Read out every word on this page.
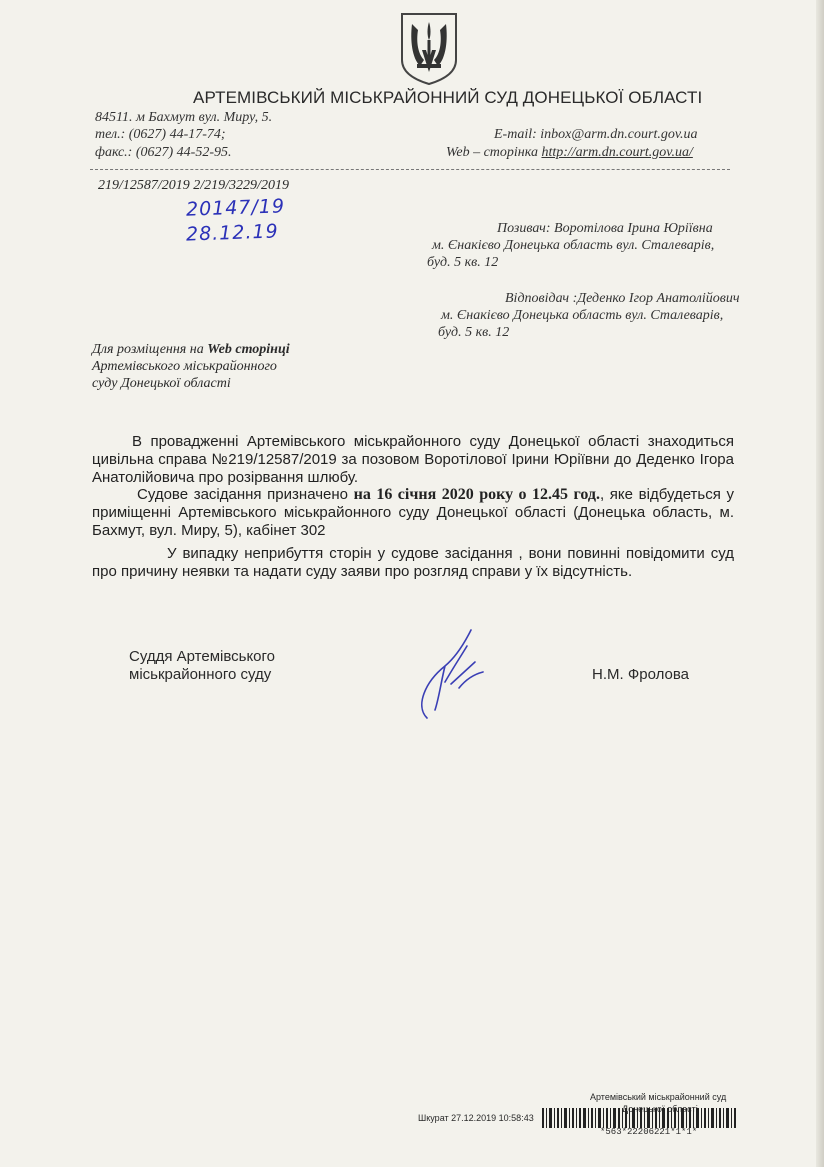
АРТЕМІВСЬКИЙ МІСЬКРАЙОННИЙ СУД ДОНЕЦЬКОЇ ОБЛАСТІ
84511. м Бахмут вул. Миру, 5.
тел.: (0627) 44-17-74;
факс.: (0627) 44-52-95.
E-mail: inbox@arm.dn.court.gov.ua
Web – сторінка http://arm.dn.court.gov.ua/
219/12587/2019 2/219/3229/2019
20147/19
28.12.19	Позивач: Воротілова Ірина Юріївна
м. Єнакієво Донецька область вул. Сталеварів,
буд. 5 кв. 12
Відповідач :Деденко Ігор Анатолійович
м. Єнакієво Донецька область вул. Сталеварів,
буд. 5 кв. 12
Для розміщення на Web сторінці
Артемівського міськрайонного
суду Донецької області

В провадженні Артемівського міськрайонного суду Донецької області знаходиться цивільна справа №219/12587/2019 за позовом Воротілової Ірини Юріївни до Деденко Ігора Анатолійовича про розірвання шлюбу.

Судове засідання призначено на 16 січня 2020 року о 12.45 год., яке відбудеться у приміщенні Артемівського міськрайонного суду Донецької області (Донецька область, м. Бахмут, вул. Миру, 5), кабінет 302

У випадку неприбуття сторін у судове засідання , вони повинні повідомити суд про причину неявки та надати суду заяви про розгляд справи у їх відсутність.

Суддя Артемівського
міськрайонного суду	Н.М. Фролова
Артемівський міськрайонний суд
Донецької
Шкурат 27.12.2019 10:58:43
*563*22206221*1*1*
